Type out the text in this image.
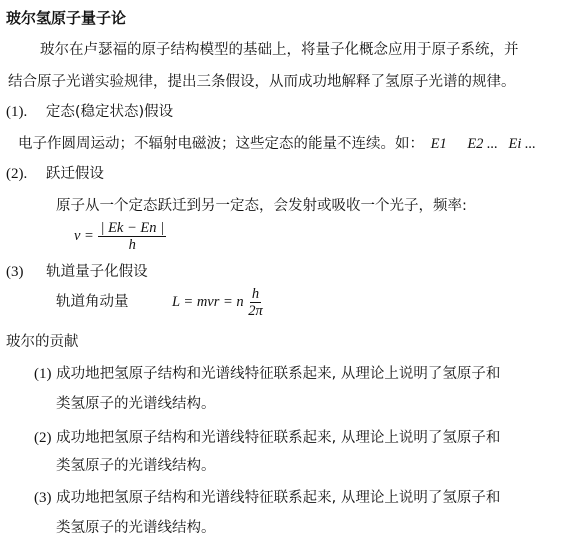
玻尔氢原子量子论
玻尔在卢瑟福的原子结构模型的基础上，将量子化概念应用于原子系统，并
结合原子光谱实验规律，提出三条假设，从而成功地解释了氢原子光谱的规律。
(1). 定态(稳定状态)假设
电子作圆周运动；不辐射电磁波；这些定态的能量不连续。如： E1 E2 ... Ei ...
(2). 跃迁假设
原子从一个定态跃迁到另一定态，会发射或吸收一个光子，频率:
$\nu = \frac{| Ek - En |}{h}$
(3) 轨道量子化假设
轨道角动量	L = mvr = n $\frac{h}{2\pi}$
玻尔的贡献
(1) 成功地把氢原子结构和光谱线特征联系起来, 从理论上说明了氢原子和
类氢原子的光谱线结构。
(2) 成功地把氢原子结构和光谱线特征联系起来, 从理论上说明了氢原子和
类氢原子的光谱线结构。
(3) 成功地把氢原子结构和光谱线特征联系起来, 从理论上说明了氢原子和
类氢原子的光谱线结构。
